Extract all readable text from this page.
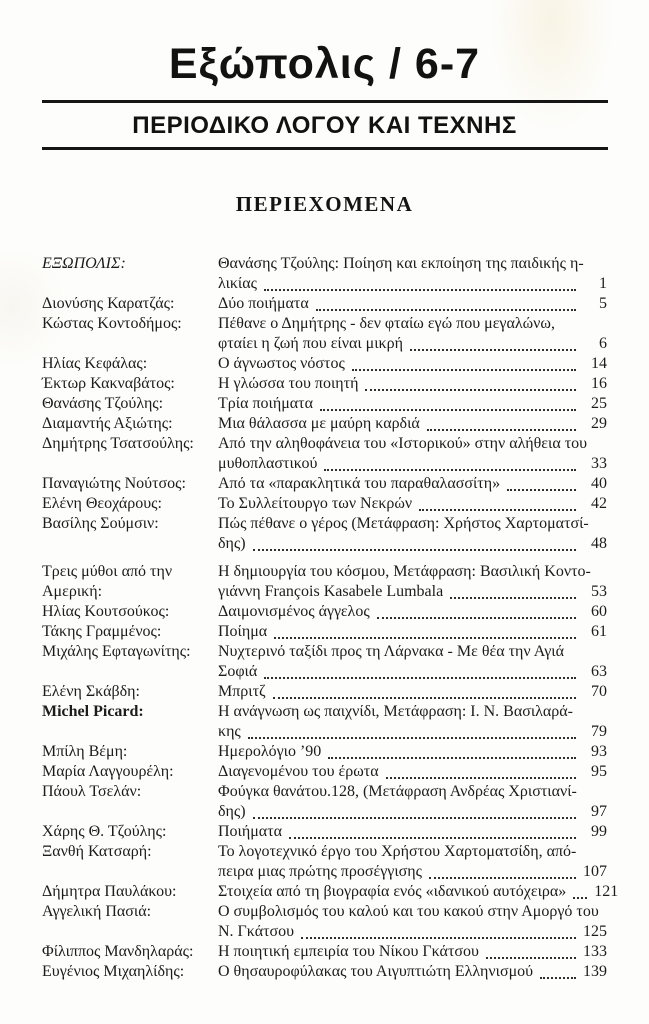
Εξώπολις / 6-7
ΠΕΡΙΟΔΙΚΟ ΛΟΓΟΥ ΚΑΙ ΤΕΧΝΗΣ
ΠΕΡΙΕΧΟΜΕΝΑ
ΕΞΩΠΟΛΙΣ:	Θανάσης Τζούλης: Ποίηση και εκποίηση της παιδικής η-
λικίας	1
Διονύσης Καρατζάς:	Δύο ποιήματα	5
Κώστας Κοντοδήμος:	Πέθανε ο Δημήτρης - δεν φταίω εγώ που μεγαλώνω,
φταίει η ζωή που είναι μικρή	6
Ηλίας Κεφάλας:	Ο άγνωστος νόστος	14
Έκτωρ Κακναβάτος:	Η γλώσσα του ποιητή	16
Θανάσης Τζούλης:	Τρία ποιήματα	25
Διαμαντής Αξιώτης:	Μια θάλασσα με μαύρη καρδιά	29
Δημήτρης Τσατσούλης:	Από την αληθοφάνεια του «Ιστορικού» στην αλήθεια του
μυθοπλαστικού	33
Παναγιώτης Νούτσος:	Από τα «παρακλητικά του παραθαλασσίτη»	40
Ελένη Θεοχάρους:	Το Συλλείτουργο των Νεκρών	42
Βασίλης Σούμσιν:	Πώς πέθανε ο γέρος (Μετάφραση: Χρήστος Χαρτοματσί-
δης)	48
Τρεις μύθοι από την Αμερική:
Η δημιουργία του κόσμου, Μετάφραση: Βασιλική Κοντο-
γιάννη François Kasabele Lumbala	53
Ηλίας Κουτσούκος:	Δαιμονισμένος άγγελος	60
Τάκης Γραμμένος:	Ποίημα	61
Μιχάλης Εφταγωνίτης:	Νυχτερινό ταξίδι προς τη Λάρνακα - Με θέα την Αγιά
Σοφιά	63
Ελένη Σκάβδη:	Μπριτζ	70
Michel Picard:	Η ανάγνωση ως παιχνίδι, Μετάφραση: Ι. Ν. Βασιλαρά-
κης	79
Μπίλη Βέμη:	Ημερολόγιο ’90	93
Μαρία Λαγγουρέλη:	Διαγενομένου του έρωτα	95
Πάουλ Τσελάν:	Φούγκα θανάτου.128, (Μετάφραση Ανδρέας Χριστιανί-
δης)	97
Χάρης Θ. Τζούλης:	Ποιήματα	99
Ξανθή Κατσαρή:	Το λογοτεχνικό έργο του Χρήστου Χαρτοματσίδη, από-
πειρα μιας πρώτης προσέγγισης	107
Δήμητρα Παυλάκου:	Στοιχεία από τη βιογραφία ενός «ιδανικού αυτόχειρα» 121
Αγγελική Πασιά:	Ο συμβολισμός του καλού και του κακού στην Αμοργό του
Ν. Γκάτσου	125
Φίλιππος Μανδηλαράς:	Η ποιητική εμπειρία του Νίκου Γκάτσου	133
Ευγένιος Μιχαηλίδης:	Ο θησαυροφύλακας του Αιγυπτιώτη Ελληνισμού	139
